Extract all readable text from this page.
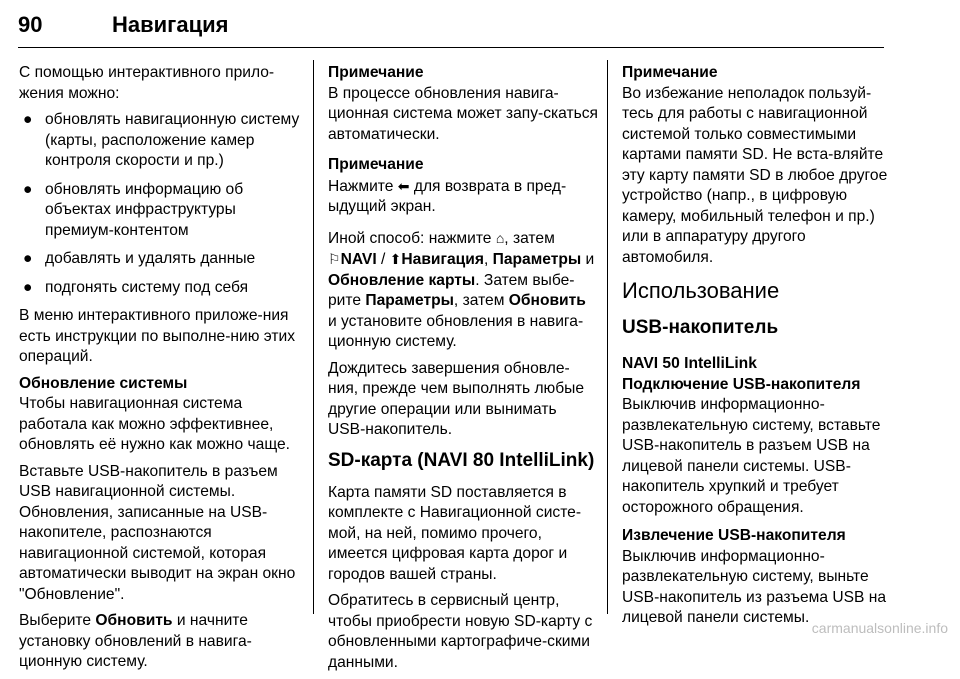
90	Навигация

С помощью интерактивного прило-жения можно:

● обновлять навигационную систему (карты, расположение камер контроля скорости и пр.)
● обновлять информацию об объектах инфраструктуры премиум-контентом
● добавлять и удалять данные
● подгонять систему под себя

В меню интерактивного приложе-ния есть инструкции по выполне-нию этих операций.

Обновление системы

Чтобы навигационная система работала как можно эффективнее, обновлять её нужно как можно чаще.

Вставьте USB-накопитель в разъем USB навигационной системы. Обновления, записанные на USB-накопителе, распознаются навигационной системой, которая автоматически выводит на экран окно "Обновление".

Выберите Обновить и начните установку обновлений в навига-ционную систему.

Примечание

В процессе обновления навига-ционная система может запу-скаться автоматически.

Примечание

Нажмите ⬅ для возврата в пред-ыдущий экран.

Иной способ: нажмите ⌂, затем ⚐NAVI / ⬆Навигация, Параметры и Обновление карты. Затем выбе-рите Параметры, затем Обновить и установите обновления в навига-ционную систему.

Дождитесь завершения обновле-ния, прежде чем выполнять любые другие операции или вынимать USB-накопитель.

SD-карта (NAVI 80 IntelliLink)

Карта памяти SD поставляется в комплекте с Навигационной систе-мой, на ней, помимо прочего, имеется цифровая карта дорог и городов вашей страны.

Обратитесь в сервисный центр, чтобы приобрести новую SD-карту с обновленными картографиче-скими данными.

Примечание

Во избежание неполадок пользуй-тесь для работы с навигационной системой только совместимыми картами памяти SD. Не вста-вляйте эту карту памяти SD в любое другое устройство (напр., в цифровую камеру, мобильный телефон и пр.) или в аппаратуру другого автомобиля.

Использование
USB-накопитель

NAVI 50 IntelliLink

Подключение USB-накопителя

Выключив информационно-развлекательную систему, вставьте USB-накопитель в разъем USB на лицевой панели системы. USB-накопитель хрупкий и требует осторожного обращения.

Извлечение USB-накопителя

Выключив информационно-развлекательную систему, выньте USB-накопитель из разъема USB на лицевой панели системы.

carmanualsonline.info
